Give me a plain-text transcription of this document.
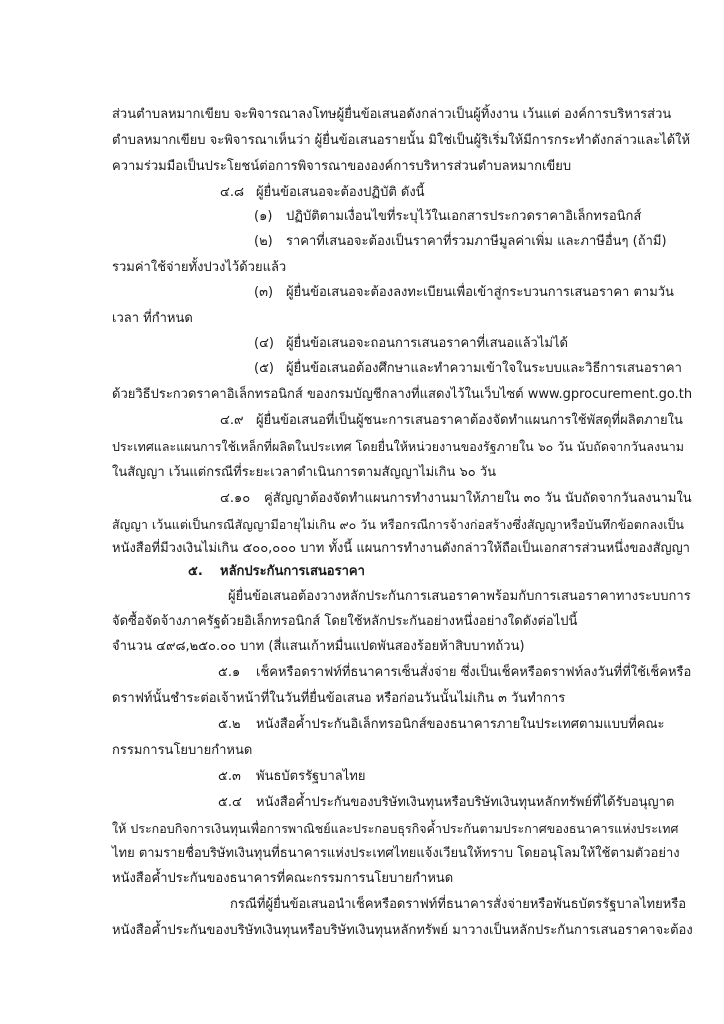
ส่วนตำบลหมากเขียบ จะพิจารณาลงโทษผู้ยื่นข้อเสนอดังกล่าวเป็นผู้ทิ้งงาน เว้นแต่ องค์การบริหารส่วน
ตำบลหมากเขียบ จะพิจารณาเห็นว่า ผู้ยื่นข้อเสนอรายนั้น มิใช่เป็นผู้ริเริ่มให้มีการกระทำดังกล่าวและได้ให้
ความร่วมมือเป็นประโยชน์ต่อการพิจารณาขององค์การบริหารส่วนตำบลหมากเขียบ
๔.๘ ผู้ยื่นข้อเสนอจะต้องปฏิบัติ ดังนี้
(๑) ปฏิบัติตามเงื่อนไขที่ระบุไว้ในเอกสารประกวดราคาอิเล็กทรอนิกส์
(๒) ราคาที่เสนอจะต้องเป็นราคาที่รวมภาษีมูลค่าเพิ่ม และภาษีอื่นๆ (ถ้ามี)
รวมค่าใช้จ่ายทั้งปวงไว้ด้วยแล้ว
(๓) ผู้ยื่นข้อเสนอจะต้องลงทะเบียนเพื่อเข้าสู่กระบวนการเสนอราคา ตามวัน
เวลา ที่กำหนด
(๔) ผู้ยื่นข้อเสนอจะถอนการเสนอราคาที่เสนอแล้วไม่ได้
(๕) ผู้ยื่นข้อเสนอต้องศึกษาและทำความเข้าใจในระบบและวิธีการเสนอราคา
ด้วยวิธีประกวดราคาอิเล็กทรอนิกส์ ของกรมบัญชีกลางที่แสดงไว้ในเว็บไซต์ www.gprocurement.go.th
๔.๙ ผู้ยื่นข้อเสนอที่เป็นผู้ชนะการเสนอราคาต้องจัดทำแผนการใช้พัสดุที่ผลิตภายใน
ประเทศและแผนการใช้เหล็กที่ผลิตในประเทศ โดยยื่นให้หน่วยงานของรัฐภายใน ๖๐ วัน นับถัดจากวันลงนาม
ในสัญญา เว้นแต่กรณีที่ระยะเวลาดำเนินการตามสัญญาไม่เกิน ๖๐ วัน
๔.๑๐ คู่สัญญาต้องจัดทำแผนการทำงานมาให้ภายใน ๓๐ วัน นับถัดจากวันลงนามใน
สัญญา เว้นแต่เป็นกรณีสัญญามีอายุไม่เกิน ๙๐ วัน หรือกรณีการจ้างก่อสร้างซึ่งสัญญาหรือบันทึกข้อตกลงเป็น
หนังสือที่มีวงเงินไม่เกิน ๕๐๐,๐๐๐ บาท ทั้งนี้ แผนการทำงานดังกล่าวให้ถือเป็นเอกสารส่วนหนึ่งของสัญญา
๕. หลักประกันการเสนอราคา
ผู้ยื่นข้อเสนอต้องวางหลักประกันการเสนอราคาพร้อมกับการเสนอราคาทางระบบการ
จัดซื้อจัดจ้างภาครัฐด้วยอิเล็กทรอนิกส์ โดยใช้หลักประกันอย่างหนึ่งอย่างใดดังต่อไปนี้
จำนวน ๔๙๘,๒๕๐.๐๐ บาท (สี่แสนเก้าหมื่นแปดพันสองร้อยห้าสิบบาทถ้วน)
๕.๑ เช็คหรือดราฟท์ที่ธนาคารเซ็นสั่งจ่าย ซึ่งเป็นเช็คหรือดราฟท์ลงวันที่ที่ใช้เช็คหรือ
ดราฟท์นั้นชำระต่อเจ้าหน้าที่ในวันที่ยื่นข้อเสนอ หรือก่อนวันนั้นไม่เกิน ๓ วันทำการ
๕.๒ หนังสือค้ำประกันอิเล็กทรอนิกส์ของธนาคารภายในประเทศตามแบบที่คณะ
กรรมการนโยบายกำหนด
๕.๓ พันธบัตรรัฐบาลไทย
๕.๔ หนังสือค้ำประกันของบริษัทเงินทุนหรือบริษัทเงินทุนหลักทรัพย์ที่ได้รับอนุญาต
ให้ ประกอบกิจการเงินทุนเพื่อการพาณิชย์และประกอบธุรกิจค้ำประกันตามประกาศของธนาคารแห่งประเทศ
ไทย ตามรายชื่อบริษัทเงินทุนที่ธนาคารแห่งประเทศไทยแจ้งเวียนให้ทราบ โดยอนุโลมให้ใช้ตามตัวอย่าง
หนังสือค้ำประกันของธนาคารที่คณะกรรมการนโยบายกำหนด
กรณีที่ผู้ยื่นข้อเสนอนำเช็คหรือดราฟท์ที่ธนาคารสั่งจ่ายหรือพันธบัตรรัฐบาลไทยหรือ
หนังสือค้ำประกันของบริษัทเงินทุนหรือบริษัทเงินทุนหลักทรัพย์ มาวางเป็นหลักประกันการเสนอราคาจะต้อง
